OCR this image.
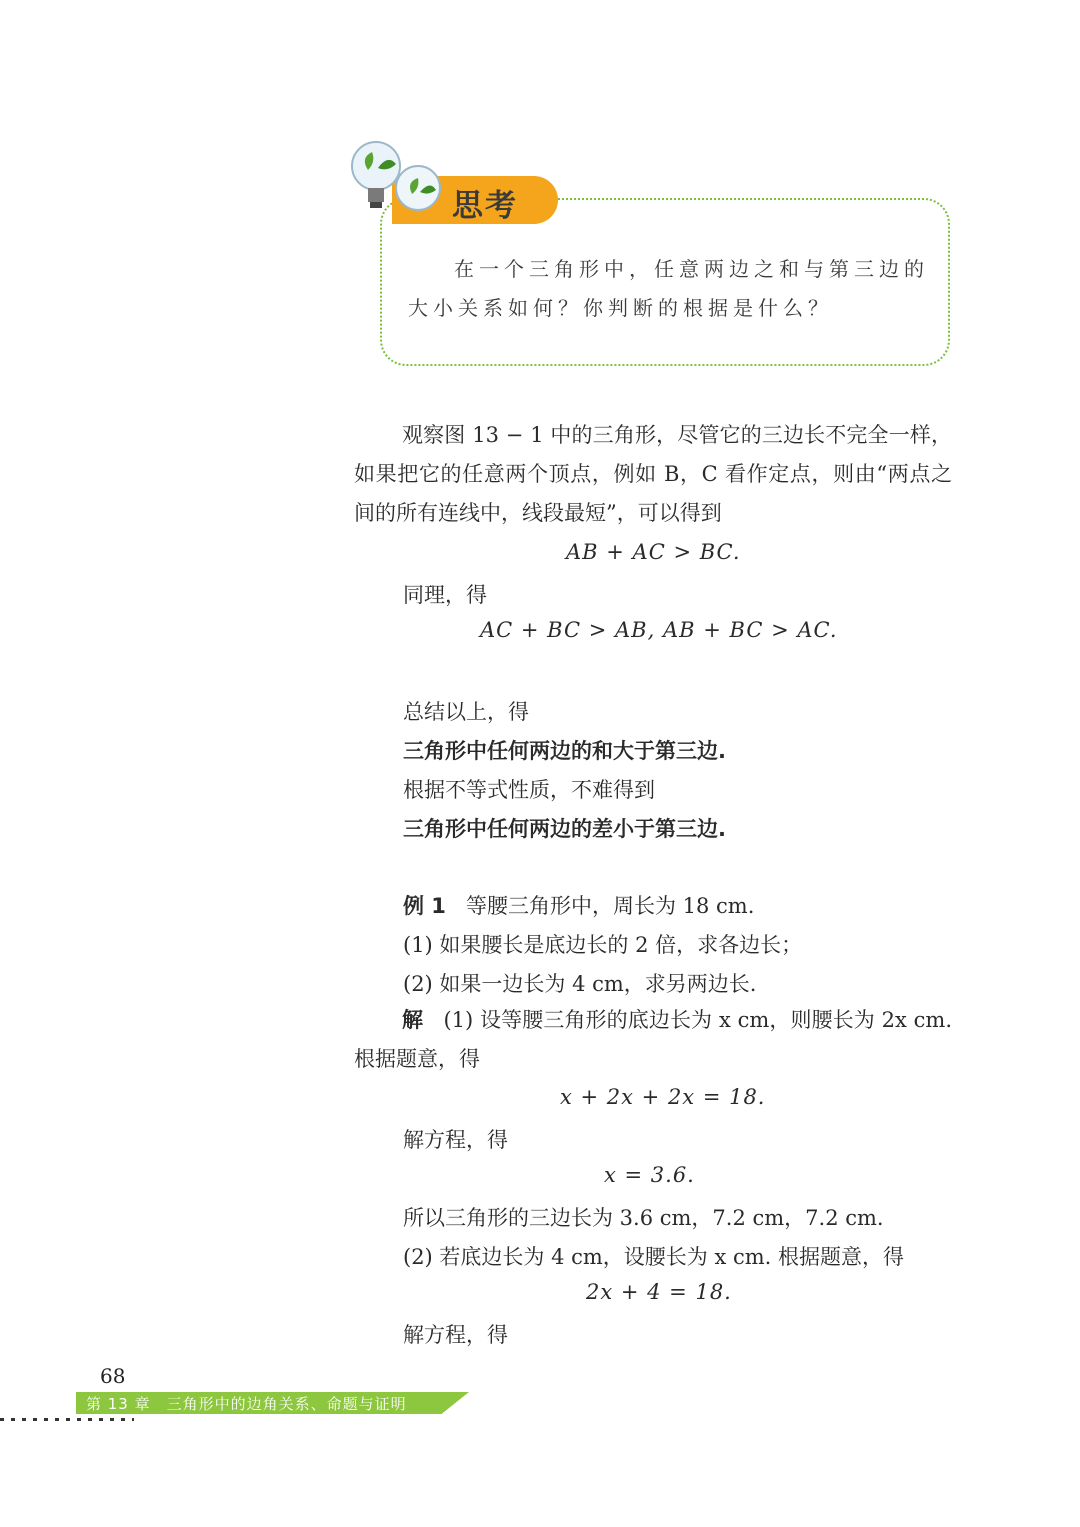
思考
在一个三角形中，任意两边之和与第三边的大小关系如何？你判断的根据是什么？
观察图 13 − 1 中的三角形，尽管它的三边长不完全一样，如果把它的任意两个顶点，例如 B，C 看作定点，则由“两点之间的所有连线中，线段最短”，可以得到
AB + AC > BC.
同理，得
AC + BC > AB, AB + BC > AC.
总结以上，得
三角形中任何两边的和大于第三边.
根据不等式性质，不难得到
三角形中任何两边的差小于第三边.
例 1 等腰三角形中，周长为 18 cm.
(1) 如果腰长是底边长的 2 倍，求各边长；
(2) 如果一边长为 4 cm，求另两边长.
解 (1) 设等腰三角形的底边长为 x cm，则腰长为 2x cm. 根据题意，得
x + 2x + 2x = 18.
解方程，得
x = 3.6.
所以三角形的三边长为 3.6 cm，7.2 cm，7.2 cm.
(2) 若底边长为 4 cm，设腰长为 x cm. 根据题意，得
2x + 4 = 18.
解方程，得
68
第 13 章　三角形中的边角关系、命题与证明
